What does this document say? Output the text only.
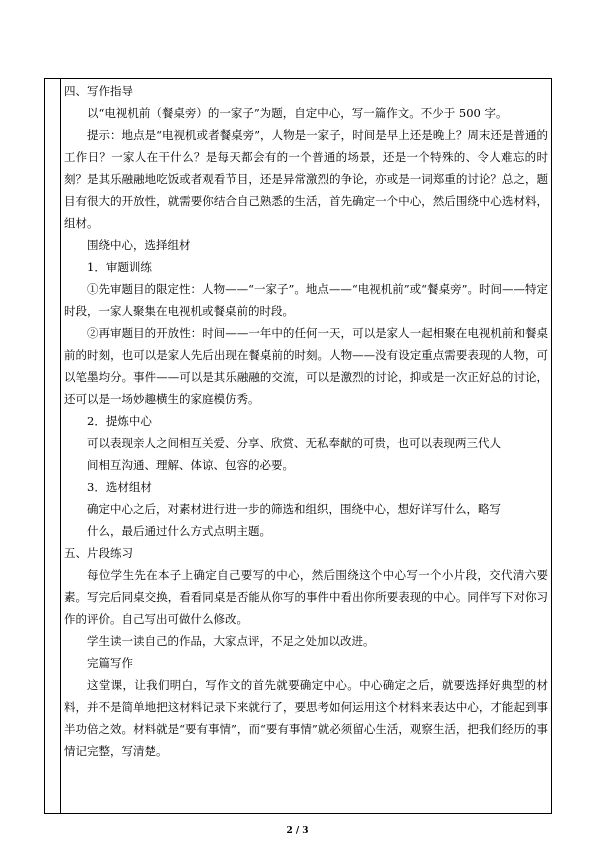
四、写作指导

以“电视机前（餐桌旁）的一家子”为题，自定中心，写一篇作文。不少于 500 字。

提示：地点是“电视机或者餐桌旁”，人物是一家子，时间是早上还是晚上？周末还是普通的工作日？一家人在干什么？是每天都会有的一个普通的场景，还是一个特殊的、令人难忘的时刻？是其乐融融地吃饭或者观看节目，还是异常激烈的争论，亦或是一词郑重的讨论？总之，题目有很大的开放性，就需要你结合自己熟悉的生活，首先确定一个中心，然后围绕中心选材料，组材。

围绕中心，选择组材

1．审题训练

①先审题目的限定性：人物——“一家子”。地点——“电视机前”或“餐桌旁”。时间——特定时段，一家人聚集在电视机或餐桌前的时段。

②再审题目的开放性：时间——一年中的任何一天，可以是家人一起相聚在电视机前和餐桌前的时刻，也可以是家人先后出现在餐桌前的时刻。人物——没有设定重点需要表现的人物，可以笔墨均分。事件——可以是其乐融融的交流，可以是激烈的讨论，抑或是一次正好总的讨论，还可以是一场妙趣横生的家庭模仿秀。

2．提炼中心

可以表现亲人之间相互关爱、分享、欣赏、无私奉献的可贵，也可以表现两三代人

间相互沟通、理解、体谅、包容的必要。

3．选材组材

确定中心之后，对素材进行进一步的筛选和组织，围绕中心，想好详写什么，略写

什么，最后通过什么方式点明主题。

五、片段练习

每位学生先在本子上确定自己要写的中心，然后围绕这个中心写一个小片段，交代清六要素。写完后同桌交换，看看同桌是否能从你写的事件中看出你所要表现的中心。同伴写下对你习作的评价。自己写出可做什么修改。

学生读一读自己的作品，大家点评，不足之处加以改进。

完篇写作

这堂课，让我们明白，写作文的首先就要确定中心。中心确定之后，就要选择好典型的材料，并不是简单地把这材料记录下来就行了，要思考如何运用这个材料来表达中心，才能起到事半功倍之效。材料就是“要有事情”，而“要有事情”就必须留心生活，观察生活，把我们经历的事情记完整，写清楚。

2 / 3
